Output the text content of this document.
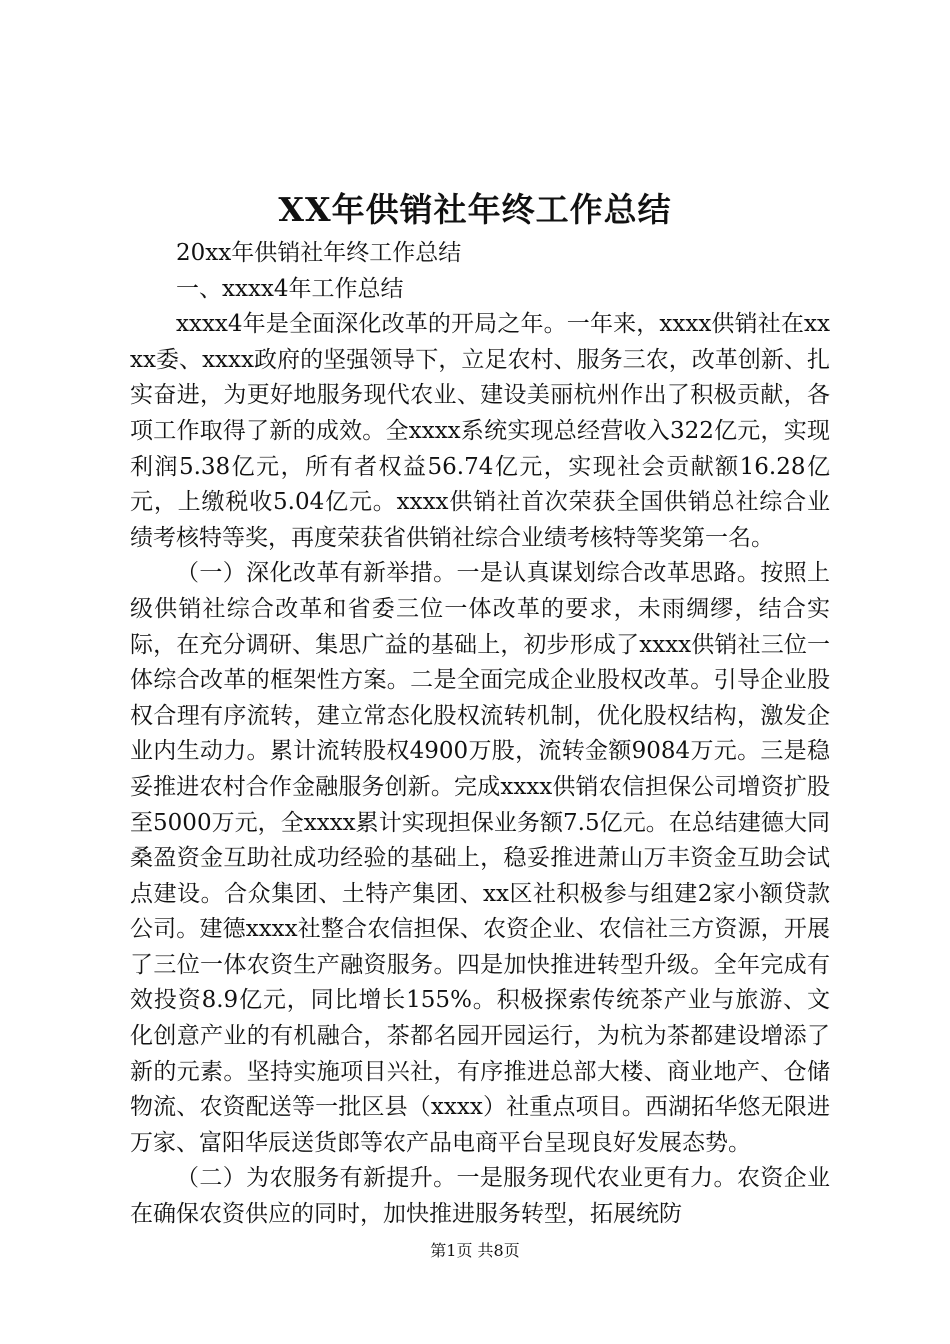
XX年供销社年终工作总结

20xx年供销社年终工作总结

一、xxxx4年工作总结

xxxx4年是全面深化改革的开局之年。一年来，xxxx供销社在xxxx委、xxxx政府的坚强领导下，立足农村、服务三农，改革创新、扎实奋进，为更好地服务现代农业、建设美丽杭州作出了积极贡献，各项工作取得了新的成效。全xxxx系统实现总经营收入322亿元，实现利润5.38亿元，所有者权益56.74亿元，实现社会贡献额16.28亿元，上缴税收5.04亿元。xxxx供销社首次荣获全国供销总社综合业绩考核特等奖，再度荣获省供销社综合业绩考核特等奖第一名。

（一）深化改革有新举措。一是认真谋划综合改革思路。按照上级供销社综合改革和省委三位一体改革的要求，未雨绸缪，结合实际，在充分调研、集思广益的基础上，初步形成了xxxx供销社三位一体综合改革的框架性方案。二是全面完成企业股权改革。引导企业股权合理有序流转，建立常态化股权流转机制，优化股权结构，激发企业内生动力。累计流转股权4900万股，流转金额9084万元。三是稳妥推进农村合作金融服务创新。完成xxxx供销农信担保公司增资扩股至5000万元，全xxxx累计实现担保业务额7.5亿元。在总结建德大同桑盈资金互助社成功经验的基础上，稳妥推进萧山万丰资金互助会试点建设。合众集团、土特产集团、xx区社积极参与组建2家小额贷款公司。建德xxxx社整合农信担保、农资企业、农信社三方资源，开展了三位一体农资生产融资服务。四是加快推进转型升级。全年完成有效投资8.9亿元，同比增长155%。积极探索传统茶产业与旅游、文化创意产业的有机融合，茶都名园开园运行，为杭为茶都建设增添了新的元素。坚持实施项目兴社，有序推进总部大楼、商业地产、仓储物流、农资配送等一批区县（xxxx）社重点项目。西湖拓华悠无限进万家、富阳华辰送货郎等农产品电商平台呈现良好发展态势。

（二）为农服务有新提升。一是服务现代农业更有力。农资企业在确保农资供应的同时，加快推进服务转型，拓展统防

第1页 共8页
